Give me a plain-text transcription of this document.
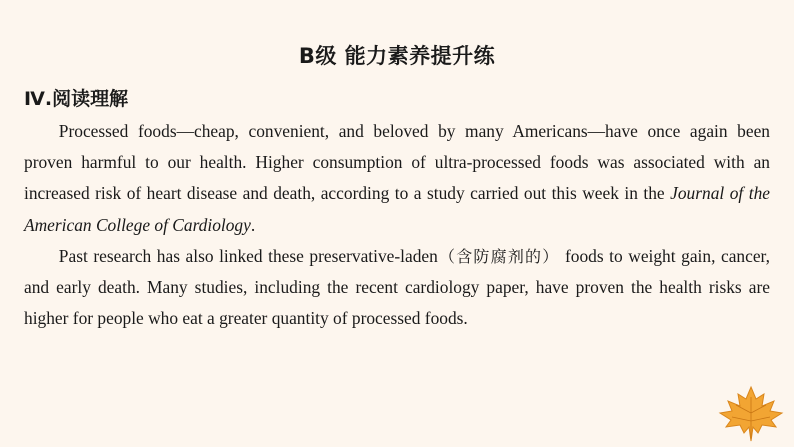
B级 能力素养提升练
Ⅳ.阅读理解

Processed foods—cheap, convenient, and beloved by many Americans—have once again been proven harmful to our health. Higher consumption of ultra-processed foods was associated with an increased risk of heart disease and death, according to a study carried out this week in the Journal of the American College of Cardiology.

Past research has also linked these preservative-laden（含防腐剂的） foods to weight gain, cancer, and early death. Many studies, including the recent cardiology paper, have proven the health risks are higher for people who eat a greater quantity of processed foods.
